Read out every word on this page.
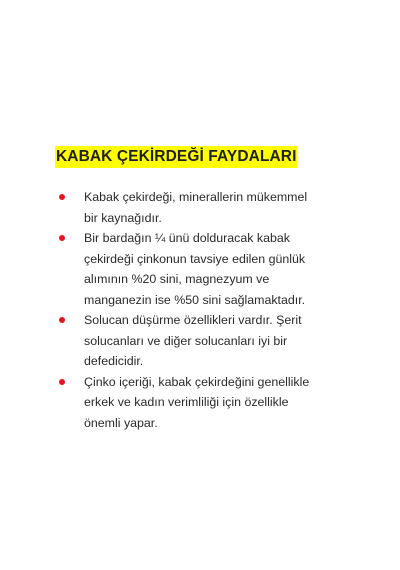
KABAK ÇEKİRDEĞİ FAYDALARI
Kabak çekirdeği, minerallerin mükemmel
bir kaynağıdır.
Bir bardağın ¼ ünü dolduracak kabak
çekirdeği çinkonun tavsiye edilen günlük
alımının %20 sini, magnezyum ve
manganezin ise %50 sini sağlamaktadır.
Solucan düşürme özellikleri vardır. Şerit
solucanları ve diğer solucanları iyi bir
defedicidir.
Çinko içeriği, kabak çekirdeğini genellikle
erkek ve kadın verimliliği için özellikle
önemli yapar.
